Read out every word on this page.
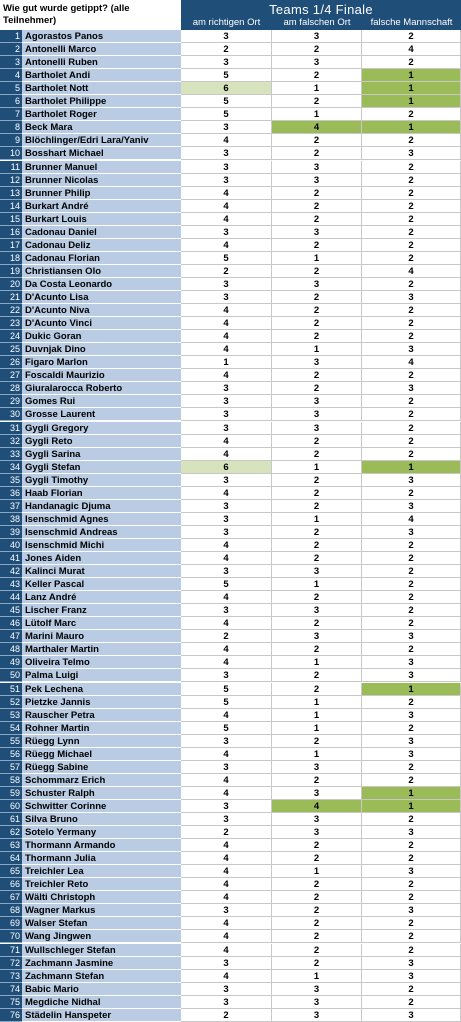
Wie gut wurde getippt? (alle Teilnehmer)
Teams 1/4 Finale
am richtigen Ort	am falschen Ort	falsche Mannschaft
1 Agorastos Panos	3	3	2
2 Antonelli Marco	2	2	4
3 Antonelli Ruben	3	3	2
4 Bartholet Andi	5	2	1
5 Bartholet Nott	6	1	1
6 Bartholet Philippe	5	2	1
7 Bartholet Roger	5	1	2
8 Beck Mara	3	4	1
9 Blöchlinger/Edri Lara/Yaniv	4	2	2
10 Bosshart Michael	3	2	3
11 Brunner Manuel	3	3	2
12 Brunner Nicolas	3	3	2
13 Brunner Philip	4	2	2
14 Burkart André	4	2	2
15 Burkart Louis	4	2	2
16 Cadonau Daniel	3	3	2
17 Cadonau Deliz	4	2	2
18 Cadonau Florian	5	1	2
19 Christiansen Olo	2	2	4
20 Da Costa Leonardo	3	3	2
21 D'Acunto Lisa	3	2	3
22 D'Acunto Niva	4	2	2
23 D'Acunto Vinci	4	2	2
24 Dukic Goran	4	2	2
25 Duvnjak Dino	4	1	3
26 Figaro Marlon	1	3	4
27 Foscaldi Maurizio	4	2	2
28 Giuralarocca Roberto	3	2	3
29 Gomes Rui	3	3	2
30 Grosse Laurent	3	3	2
31 Gygli Gregory	3	3	2
32 Gygli Reto	4	2	2
33 Gygli Sarina	4	2	2
34 Gygli Stefan	6	1	1
35 Gygli Timothy	3	2	3
36 Haab Florian	4	2	2
37 Handanagic Djuma	3	2	3
38 Isenschmid Agnes	3	1	4
39 Isenschmid Andreas	3	2	3
40 Isenschmid Michi	4	2	2
41 Jones Aiden	4	2	2
42 Kalinci Murat	3	3	2
43 Keller Pascal	5	1	2
44 Lanz André	4	2	2
45 Lischer Franz	3	3	2
46 Lütolf Marc	4	2	2
47 Marini Mauro	2	3	3
48 Marthaler Martin	4	2	2
49 Oliveira Telmo	4	1	3
50 Palma Luigi	3	2	3
51 Pek Lechena	5	2	1
52 Pietzke Jannis	5	1	2
53 Rauscher Petra	4	1	3
54 Rohner Martin	5	1	2
55 Rüegg Lynn	3	2	3
56 Rüegg Michael	4	1	3
57 Rüegg Sabine	3	3	2
58 Schommarz Erich	4	2	2
59 Schuster Ralph	4	3	1
60 Schwitter Corinne	3	4	1
61 Silva Bruno	3	3	2
62 Sotelo Yermany	2	3	3
63 Thormann Armando	4	2	2
64 Thormann Julia	4	2	2
65 Treichler Lea	4	1	3
66 Treichler Reto	4	2	2
67 Wälti Christoph	4	2	2
68 Wagner Markus	3	2	3
69 Walser Stefan	4	2	2
70 Wang Jingwen	4	2	2
71 Wullschleger Stefan	4	2	2
72 Zachmann Jasmine	3	2	3
73 Zachmann Stefan	4	1	3
74 Babic Mario	3	3	2
75 Megdiche Nidhal	3	3	2
76 Städelin Hanspeter	2	3	3
